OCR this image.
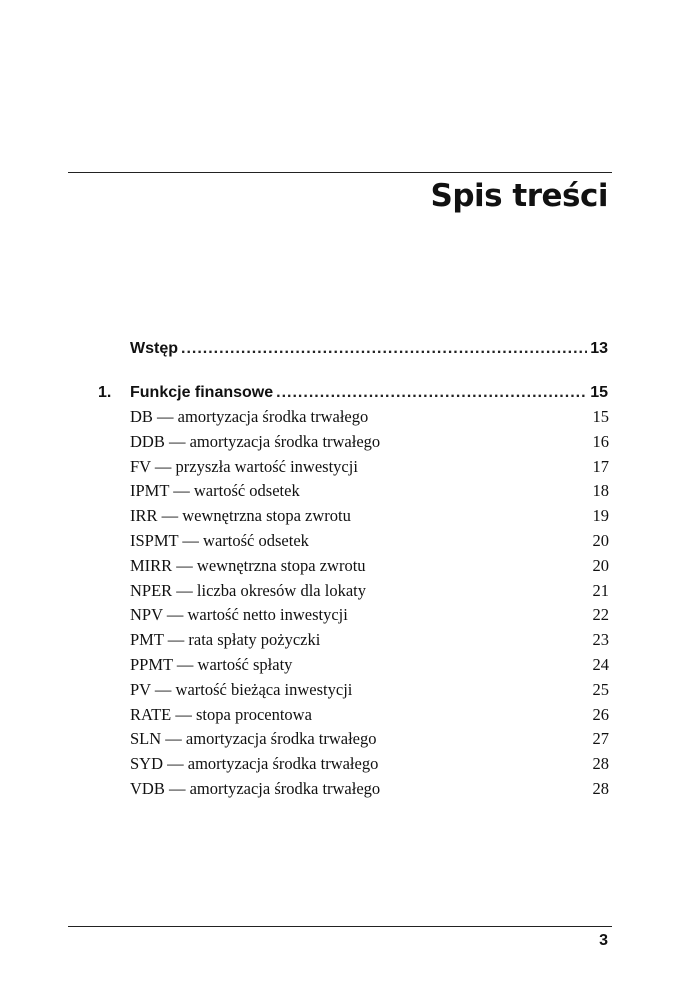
Spis treści
Wstęp .....	13
1.	Funkcje finansowe .....	15
DB — amortyzacja środka trwałego	15
DDB — amortyzacja środka trwałego	16
FV — przyszła wartość inwestycji	17
IPMT — wartość odsetek	18
IRR — wewnętrzna stopa zwrotu	19
ISPMT — wartość odsetek	20
MIRR — wewnętrzna stopa zwrotu	20
NPER — liczba okresów dla lokaty	21
NPV — wartość netto inwestycji	22
PMT — rata spłaty pożyczki	23
PPMT — wartość spłaty	24
PV — wartość bieżąca inwestycji	25
RATE — stopa procentowa	26
SLN — amortyzacja środka trwałego	27
SYD — amortyzacja środka trwałego	28
VDB — amortyzacja środka trwałego	28
3
